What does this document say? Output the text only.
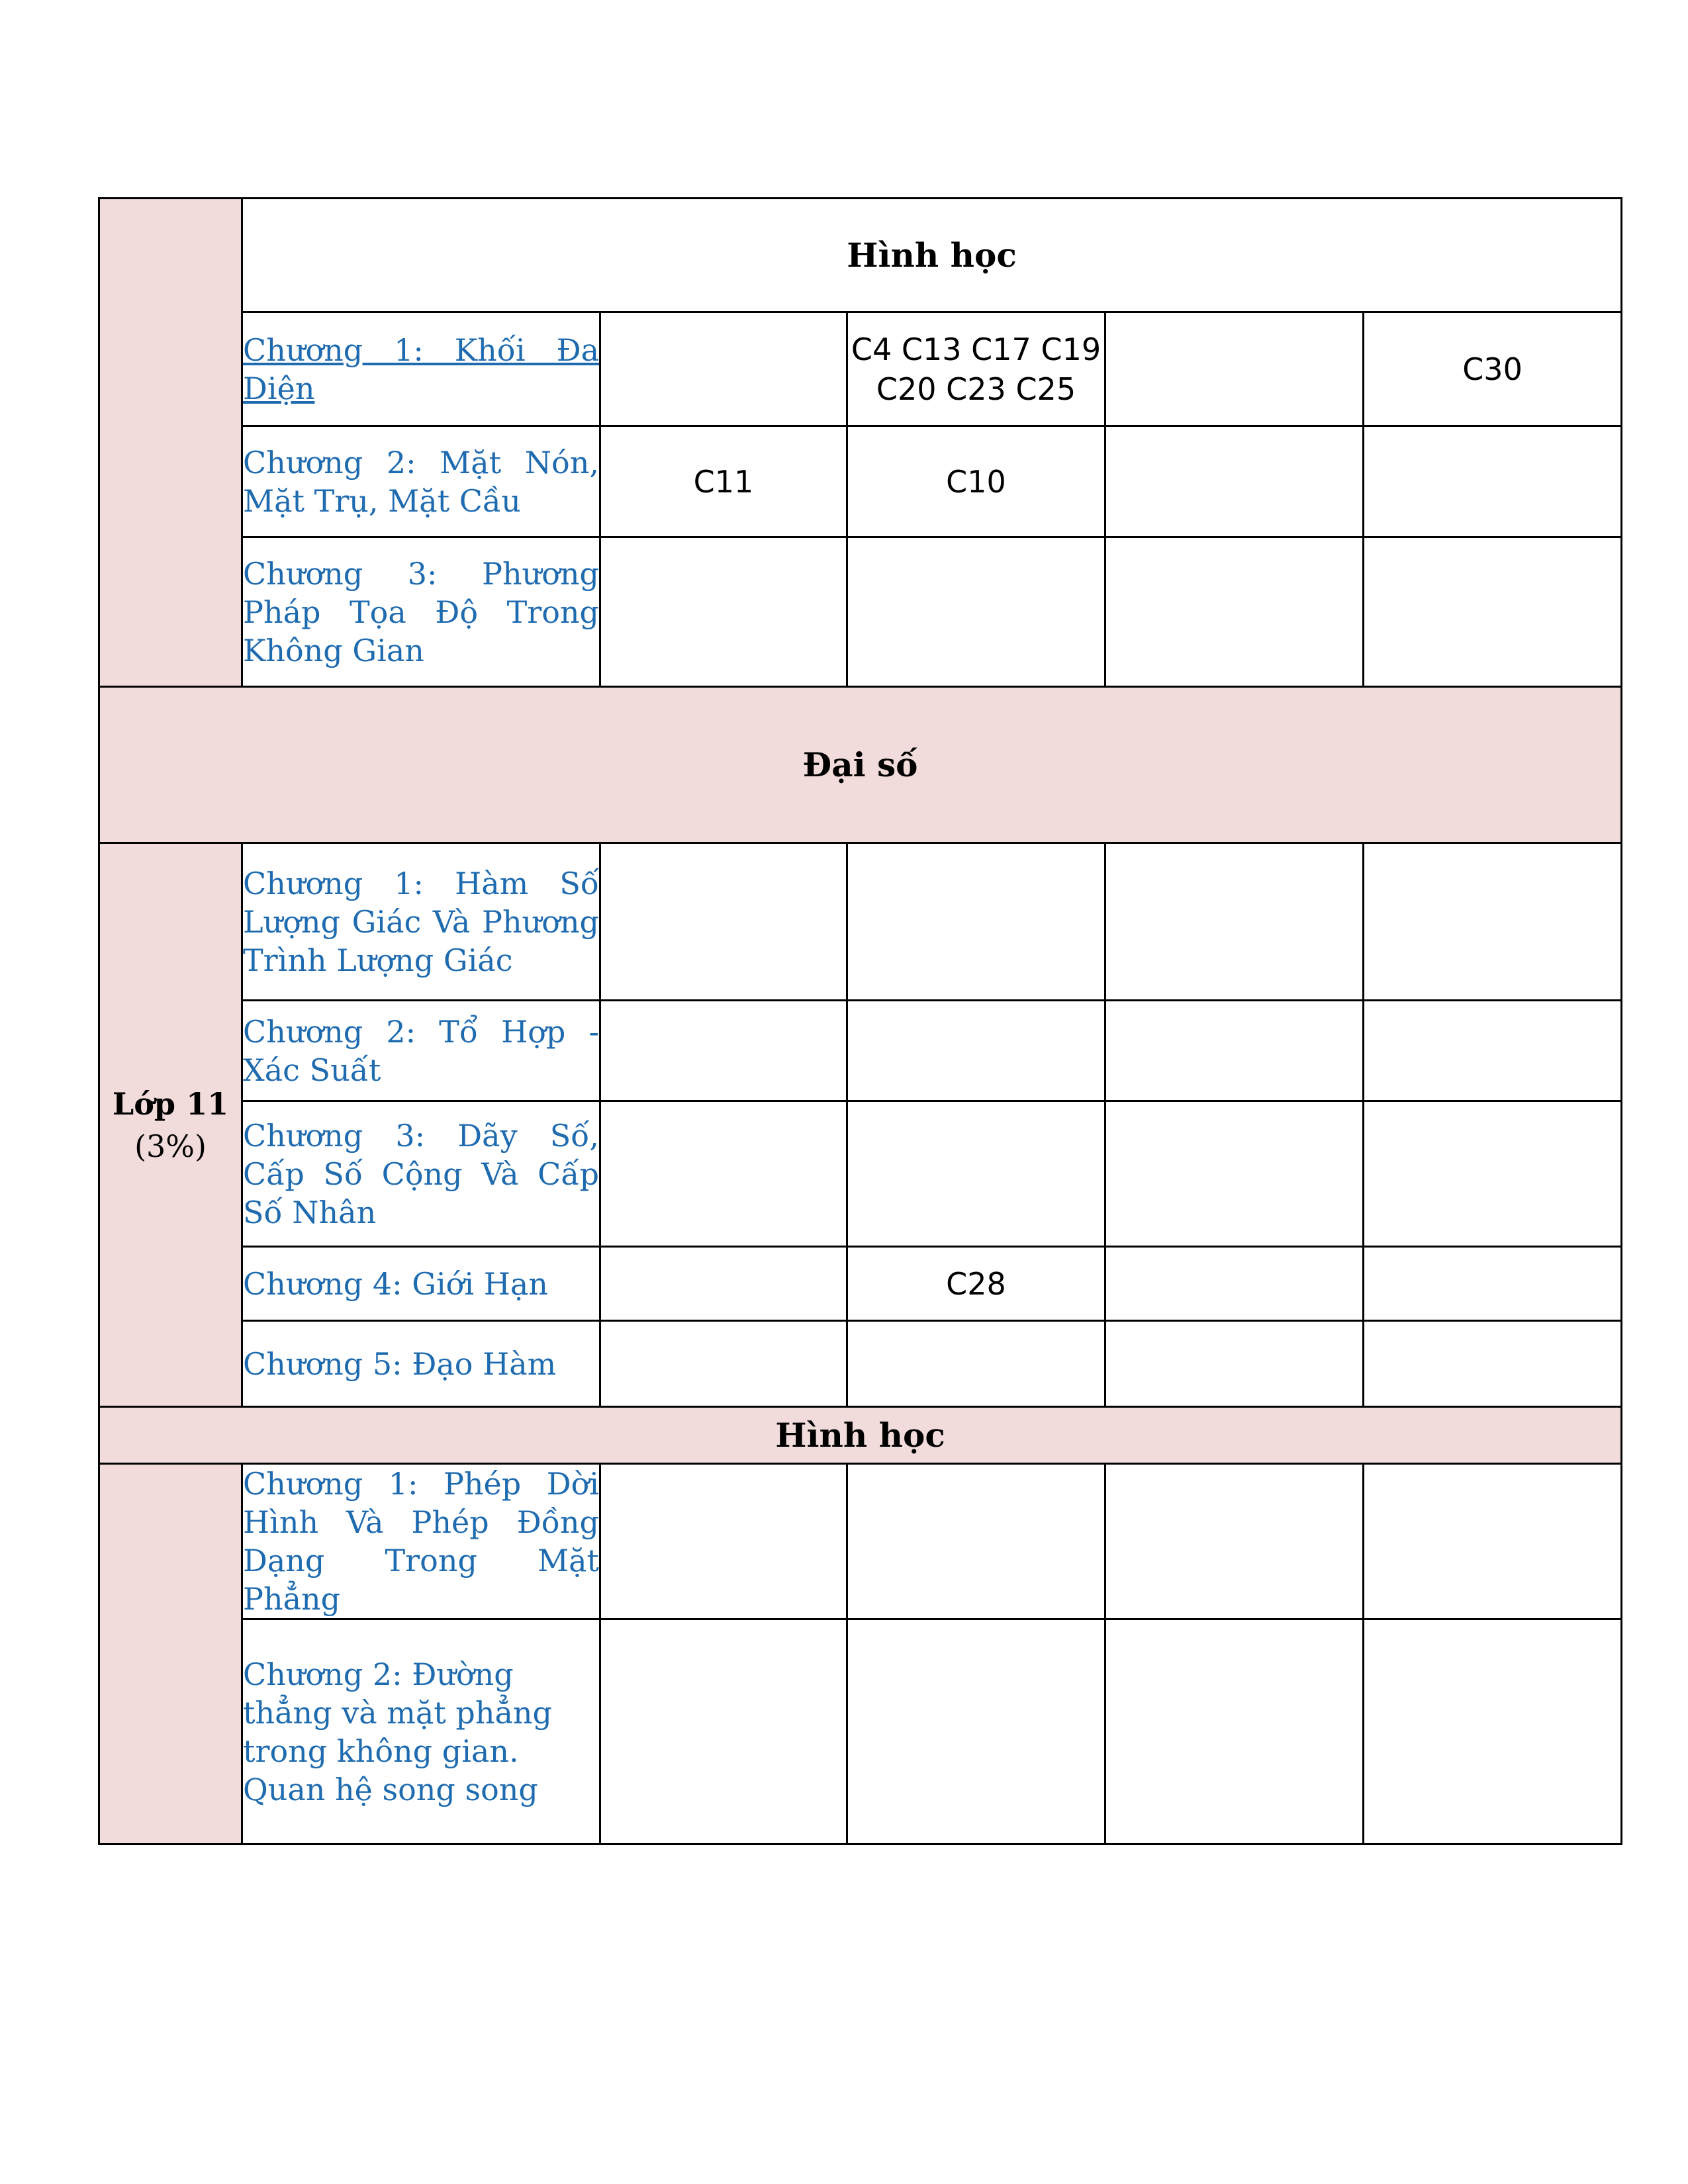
	Hình học				
	Chương 1: Khối Đa Diện		C4 C13 C17 C19 C20 C23 C25		C30
	Chương 2: Mặt Nón, Mặt Trụ, Mặt Cầu	C11	C10		
	Chương 3: Phương Pháp Tọa Độ Trong Không Gian				
Đại số					

Lớp 11
(3%)	Chương 1: Hàm Số Lượng Giác Và Phương Trình Lượng Giác				
	Chương 2: Tổ Hợp - Xác Suất				
	Chương 3: Dãy Số, Cấp Số Cộng Và Cấp Số Nhân				
	Chương 4: Giới Hạn		C28		
	Chương 5: Đạo Hàm				
Hình học					
	Chương 1: Phép Dời Hình Và Phép Đồng Dạng Trong Mặt Phẳng				
	Chương 2: Đường thẳng và mặt phẳng trong không gian. Quan hệ song song				
